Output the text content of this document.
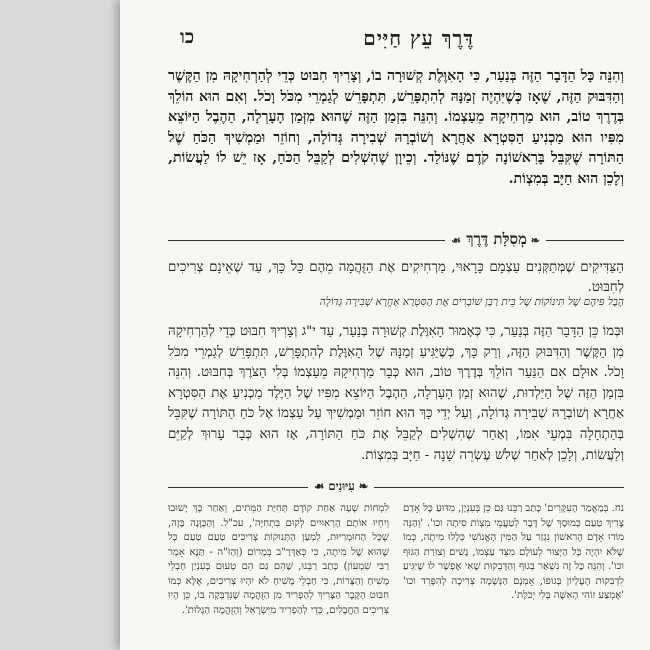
דֶּרֶךְ עֵץ חַיִּים
כו
וְהִנֵּה כָּל הַדָּבָר הַזֶּה בְּנַעַר, כִּי הָאִוֶּלֶת קְשׁוּרָה בוֹ, וְצָרִיךְ חִבּוּט כְּדֵי לְהַרְחִיקָהּ מִן הַקֶּשֶׁר וְהַדִּבּוּק הַזֶּה, שֶׁאָז כְּשֶׁיִּהְיֶה זְמַנָּהּ לְהִתְפָּרֵשׁ, תִּתְפָּרֵשׁ לְגַמְרֵי מִכֹּל וָכֹל. וְאִם הוּא הוֹלֵךְ בְּדֶרֶךְ טוֹב, הוּא מַרְחִיקָהּ מֵעַצְמוֹ. וְהִנֵּה בִּזְמַן הַזֶּה שֶׁהוּא מִזְּמַן הָעָרְלָה, הַהֶבֶל הַיּוֹצֵא מִפִּיו הוּא מַכְנִיעַ הַסִּטְרָא אַחֲרָא וְשׁוֹבְרָהּ שְׁבִירָה גְּדוֹלָה, וְחוֹזֵר וּמַמְשִׁיךְ הַכֹּחַ שֶׁל הַתּוֹרָה שֶׁקִּבֵּל בָּרִאשׁוֹנָה קֹדֶם שֶׁנּוֹלַד. וְכֵיוָן שֶׁהִשְׁלִים לְקַבֵּל הַכֹּחַ, אָז יֵשׁ לוֹ לַעֲשׂוֹת, וְלָכֵן הוּא חַיָּב בְּמִצְוֹת.
❧ מְסִלַּת דֶּרֶךְ ☙
הַצַּדִּיקִים שֶׁמְּתַקְּנִים עַצְמָם כָּרָאוּי, מַרְחִיקִים אֶת הַזֻּהֲמָה מֵהֶם כָּל כָּךְ, עַד שֶׁאֵינָם צְרִיכִים לְחִבּוּט.
הֶבֶל פִּיהֶם שֶׁל תִּינוֹקוֹת שֶׁל בֵּית רַבָּן שׁוֹבְרִים אֶת הַסִּטְרָא אַחֲרָא שְׁבִירָה גְּדוֹלָה
וּבְּמוֹ כֵּן הַדָּבָר הַזֶּה בְּנַעַר, כִּי כְּאָמוּר הָאִוֶּלֶת קְשׁוּרָה בְּנַעַר, עַד י"ג וְצָרִיךְ חִבּוּט כְּדֵי לְהַרְחִיקָהּ מִן הַקֶּשֶׁר וְהַדִּבּוּק הַזֶּה, וְרַק כָּךְ, כְּשֶׁיַּגִּיעַ זְמַנָּהּ שֶׁל הָאִוֶּלֶת לְהִתְפָּרֵשׁ, תִּתְפָּרֵשׁ לְגַמְרֵי מִכֹּל וָכֹל. אוּלָם אִם הַנַּעַר הוֹלֵךְ בְּדֶרֶךְ טוֹב, הוּא כְּבָר מַרְחִיקָהּ מֵעַצְמוֹ בְּלִי הַצֹּרֶךְ בְּחִבּוּט. וְהִנֵּה בִּזְמַן הַזֶּה שֶׁל הַיַּלְדוּת, שֶׁהוּא זְמַן הָעָרְלָה, הַהֶבֶל הַיּוֹצֵא מִפִּיו שֶׁל הַיֶּלֶד מַכְנִיעַ אֶת הַסִּטְרָא אַחֲרָא וְשׁוֹבְרָהּ שְׁבִירָה גְּדוֹלָה, וְעַל יְדֵי כָּךְ הוּא חוֹזֵר וּמַמְשִׁיךְ עַל עַצְמוֹ אֶל כֹּחַ הַתּוֹרָה שֶׁקִּבֵּל בְּהַתְחָלָה בִּמְעֵי אִמּוֹ, וְאַחַר שֶׁהִשְׁלִים לְקַבֵּל אֶת כֹּחַ הַתּוֹרָה, אָז הוּא כְּבָר עָרוּךְ לְקַיֵּם וְלַעֲשׂוֹת, וְלָכֵן לְאַחַר שְׁלֹשׁ עֶשְׂרֵה שָׁנָה - חַיָּב בְּמִצְוֹת.
❧ עִיּוּנִים ☙
נח. בְּמַאֲמַר הָעִקָּרִים' כָּתַב רַבֵּנוּ גַּם כֵּן בְּעִנְיָן, מִדּוּעַ כָּל אָדָם צָרִיךְ טַעַם כְּמוּסָךְ שֶׁל דָּבָר לְטַעֲמֵי מִצְוֹת סִיתָה וכו'. 'וְהַנֵּה מוֹדוּ אָדָם הָרִאשׁוֹן נִגְזַר עַל הַמִּין הָאֱנוֹשִׁי כְּלָלוּ מִיתָה, כְּמוֹ שֶׁלֹּא יִהְיֶה כָּל הַיְּצוּר לְעוֹלָם מִצֵּד עַצְמוֹ, נָשִׁים וְצוּרַת הַגּוּף וכו'. וְהִנֵּה כָּל זֶה נִשְׁאַר בְּגוּף וְהַדְּבֵקוּת שֶׁאִי אֶפְשָׁר לוֹ שֶׁיַּגִּיעַ לִדְבִקוּת הָעֶלְיוֹן בְּגוּפוֹ, אָמְנָם הַנְּשָׁמָה צְרִיכָה לְהִפָּרֵד וכו' 'אֶמְצַע זוֹהִי הָאִשָּׁה בְּלִי יְכֹלֶת'.
לִמְחוֹת שָׁעָה אַחַת קוֹדֶם תְּחִיַּת הַמֵּתִים, וְאַחַר כָּךְ יָשׁוּבוּ וְיִחְיוּ אוֹתָם הָרְאוּיִים לְקוּם בִּתְחִיָּה', עכ"ל. וְהַכַּוָּנָה בָּזֶה, שֶׁכָּל הַחוּמְרִיּוּת, לְמַעַן הַתְּנוּקוֹת צְרִיכִים טַעַם טַעַם כָּל שֶׁהוּא שֶׁל מִיתָה, כִּי כְּאַדְּרַ"ב בְּמָרוֹם (וְהַזֹּ"ה - תַּנָּא אָמַר רַבִּי שִׁמְעוֹן) כְּתַב רַבֵּנוּ, שֶׁהֵם גַּם הֵם טְעוּם בְּעִנְיַן חַבְלֵי מָשִׁיחַ וְהַצָּרוֹת, כִּי חַבְלֵי מָשִׁיחַ לֹא יִהְיוּ צְרִיכִים, אֶלָּא כְּמוֹ חִבּוּט הַקֶּבֶר הַצָּרִיךְ לְהַפְרִיד מִן הַזֻּהֲמָה שֶׁנִּדְבְּקָה בּוֹ, כֵּן הָיוּ צְרִיכִים הַחֲבָלִים, כְּדֵי לְהַפְרִיד מִיִּשְׂרָאֵל וְהַזֻּהֲמָה הַגָּלוּת'.
